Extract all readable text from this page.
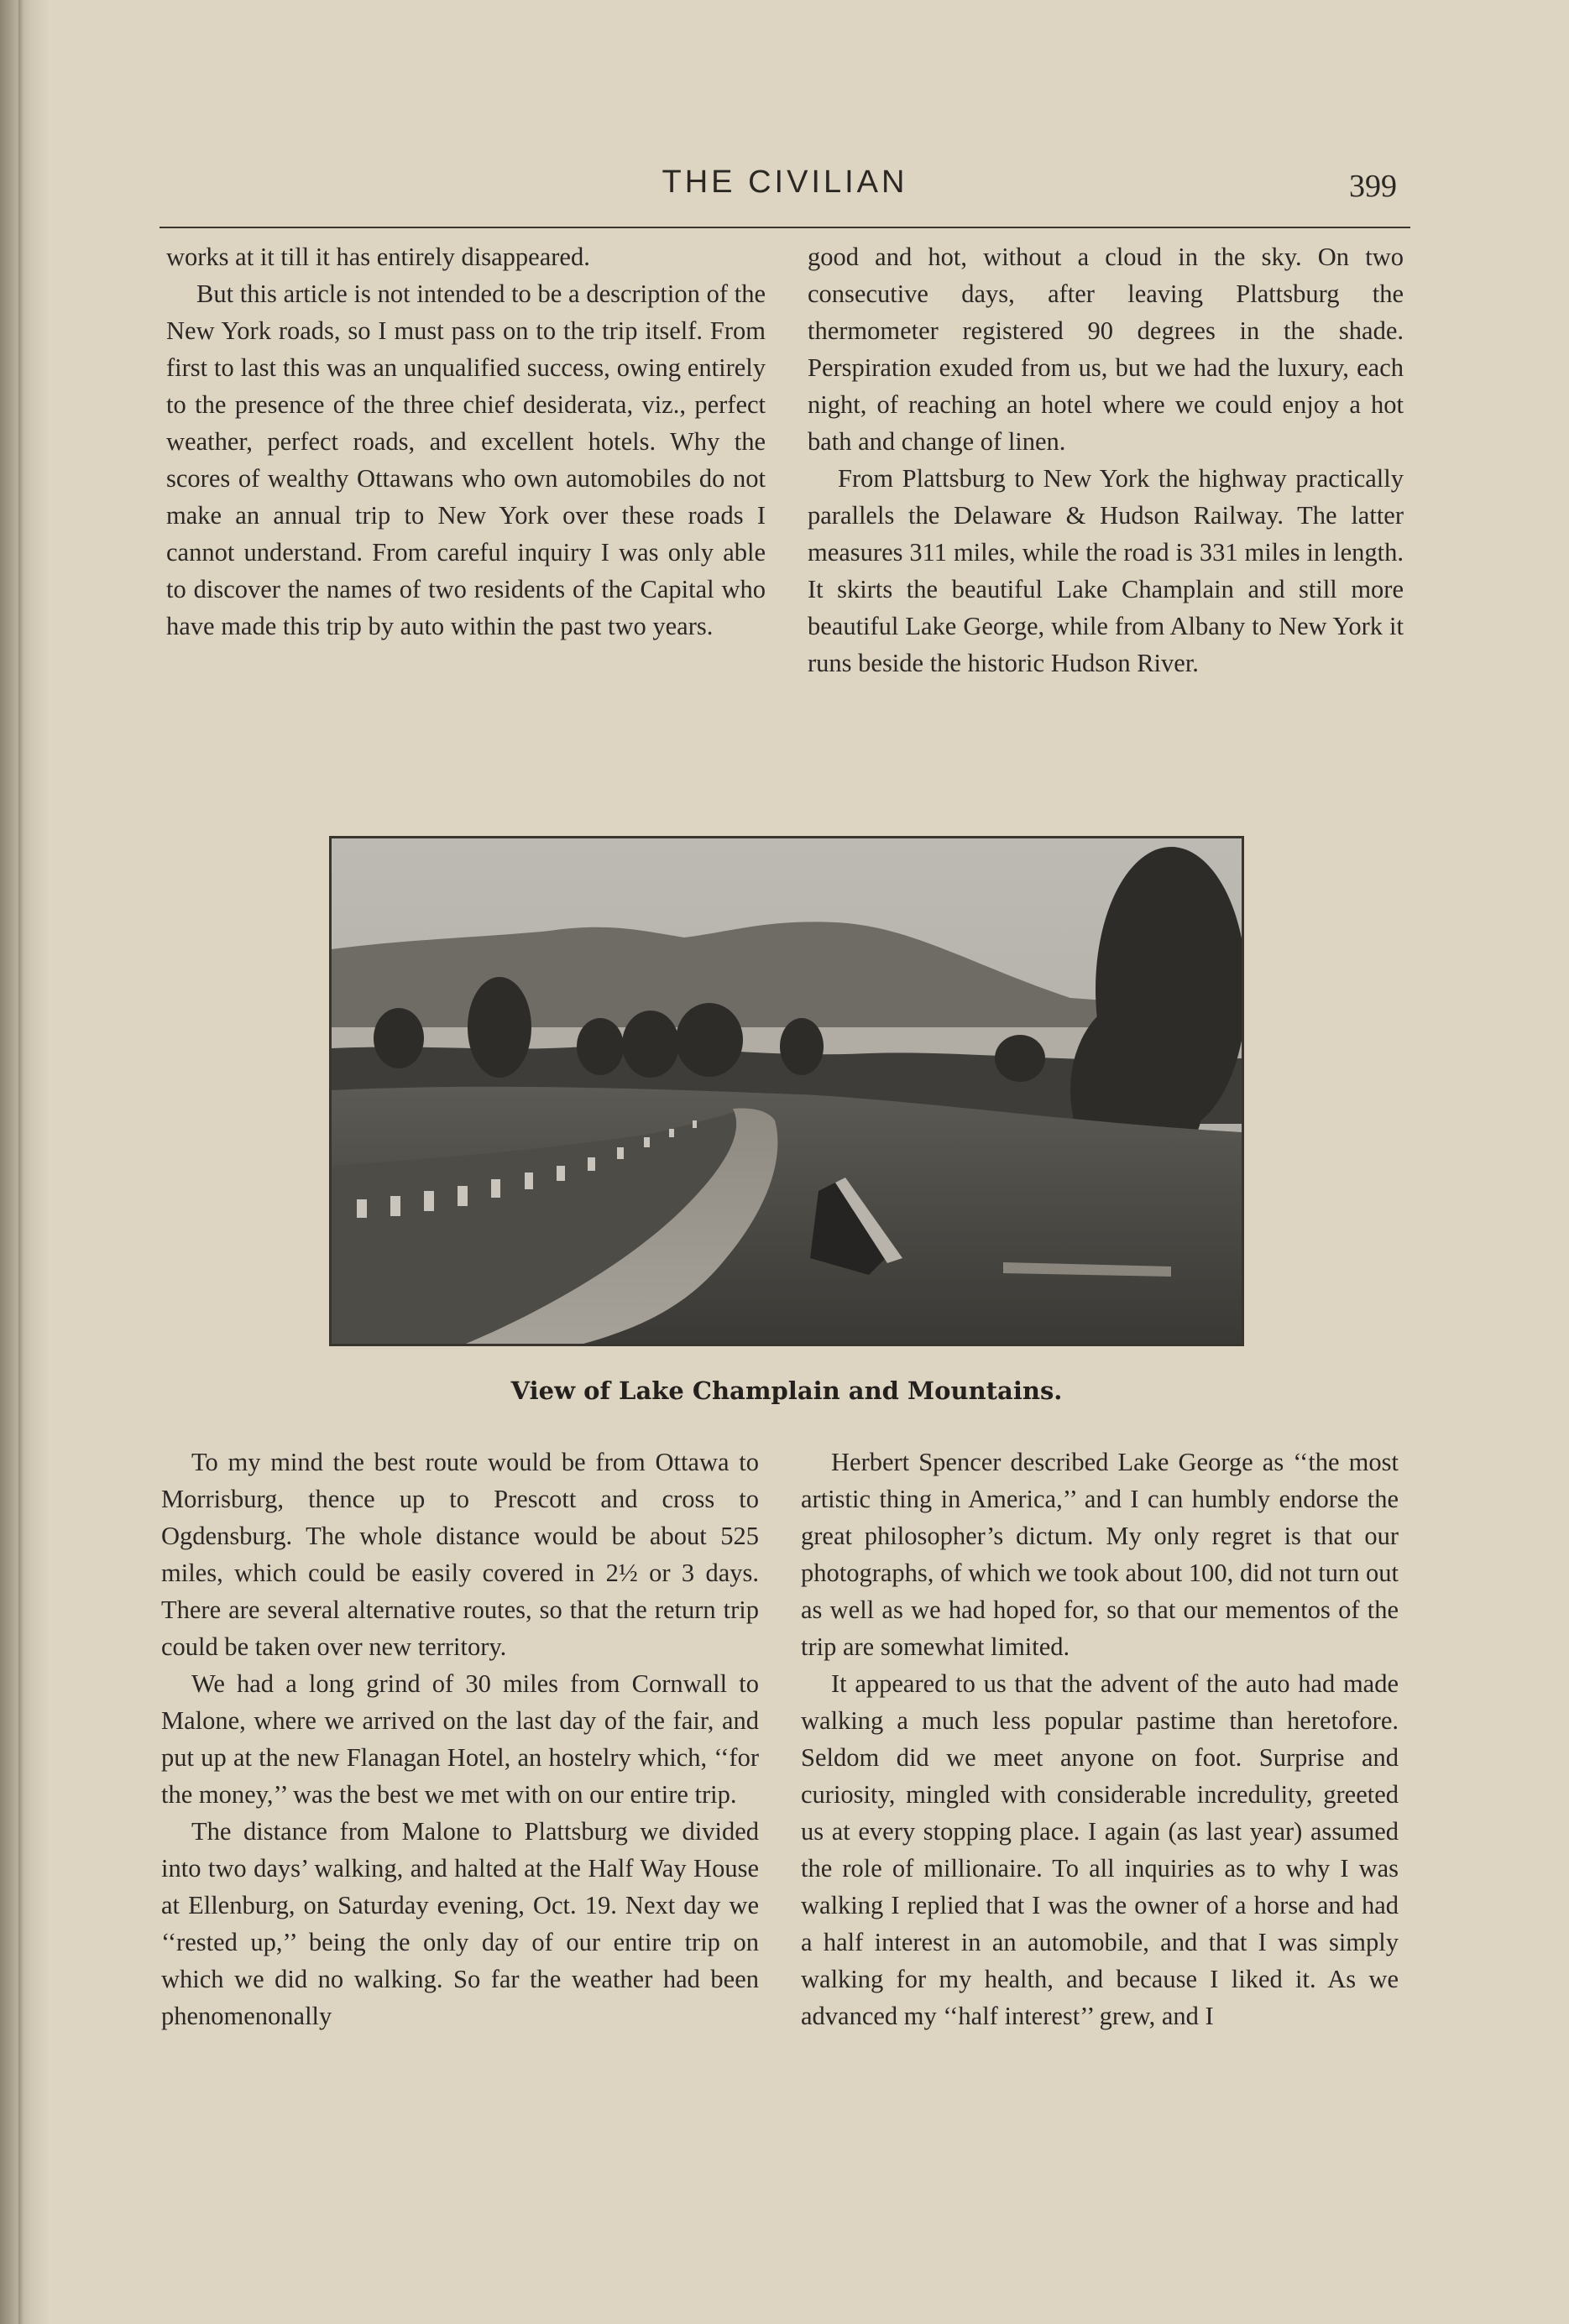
THE CIVILIAN	399

works at it till it has entirely disappeared.

But this article is not intended to be a description of the New York roads, so I must pass on to the trip itself. From first to last this was an unqualified success, owing entirely to the presence of the three chief desiderata, viz., perfect weather, perfect roads, and excellent hotels. Why the scores of wealthy Ottawans who own automobiles do not make an annual trip to New York over these roads I cannot understand. From careful inquiry I was only able to discover the names of two residents of the Capital who have made this trip by auto within the past two years.

good and hot, without a cloud in the sky. On two consecutive days, after leaving Plattsburg the thermometer registered 90 degrees in the shade. Perspiration exuded from us, but we had the luxury, each night, of reaching an hotel where we could enjoy a hot bath and change of linen.

From Plattsburg to New York the highway practically parallels the Delaware & Hudson Railway. The latter measures 311 miles, while the road is 331 miles in length. It skirts the beautiful Lake Champlain and still more beautiful Lake George, while from Albany to New York it runs beside the historic Hudson River.

View of Lake Champlain and Mountains.

To my mind the best route would be from Ottawa to Morrisburg, thence up to Prescott and cross to Ogdensburg. The whole distance would be about 525 miles, which could be easily covered in 2½ or 3 days. There are several alternative routes, so that the return trip could be taken over new territory.

We had a long grind of 30 miles from Cornwall to Malone, where we arrived on the last day of the fair, and put up at the new Flanagan Hotel, an hostelry which, ‘‘for the money,’’ was the best we met with on our entire trip.

The distance from Malone to Plattsburg we divided into two days’ walking, and halted at the Half Way House at Ellenburg, on Saturday evening, Oct. 19. Next day we ‘‘rested up,’’ being the only day of our entire trip on which we did no walking. So far the weather had been phenomenonally

Herbert Spencer described Lake George as ‘‘the most artistic thing in America,’’ and I can humbly endorse the great philosopher’s dictum. My only regret is that our photographs, of which we took about 100, did not turn out as well as we had hoped for, so that our mementos of the trip are somewhat limited.

It appeared to us that the advent of the auto had made walking a much less popular pastime than heretofore. Seldom did we meet anyone on foot. Surprise and curiosity, mingled with considerable incredulity, greeted us at every stopping place. I again (as last year) assumed the role of millionaire. To all inquiries as to why I was walking I replied that I was the owner of a horse and had a half interest in an automobile, and that I was simply walking for my health, and because I liked it. As we advanced my ‘‘half interest’’ grew, and I
